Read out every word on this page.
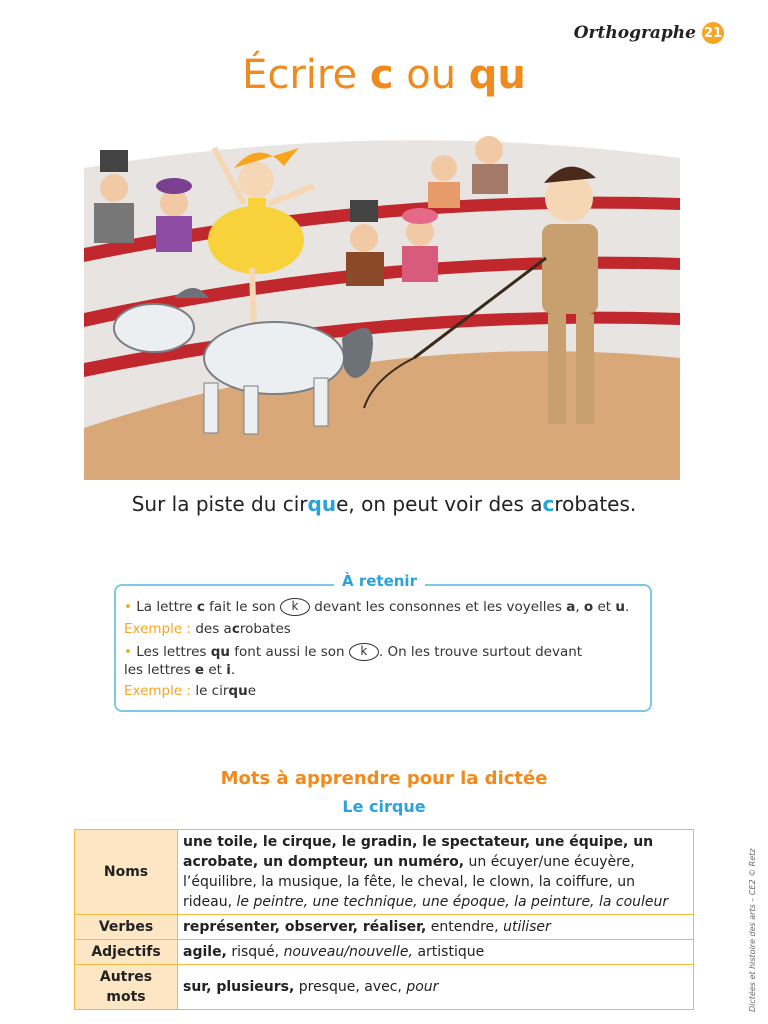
Orthographe 21
Écrire c ou qu
Sur la piste du cirque, on peut voir des acrobates.
À retenir
• La lettre c fait le son k devant les consonnes et les voyelles a, o et u.
Exemple : des acrobates
• Les lettres qu font aussi le son k . On les trouve surtout devant
les lettres e et i.
Exemple : le cirque
Mots à apprendre pour la dictée
Le cirque
Noms	une toile, le cirque, le gradin, le spectateur, une équipe, un acrobate, un dompteur, un numéro, un écuyer/une écuyère, l’équilibre, la musique, la fête, le cheval, le clown, la coiffure, un rideau, le peintre, une technique, une époque, la peinture, la couleur
Verbes	représenter, observer, réaliser, entendre, utiliser
Adjectifs	agile, risqué, nouveau/nouvelle, artistique
Autres mots	sur, plusieurs, presque, avec, pour	Dictées et histoire des arts – CE2 © Retz
